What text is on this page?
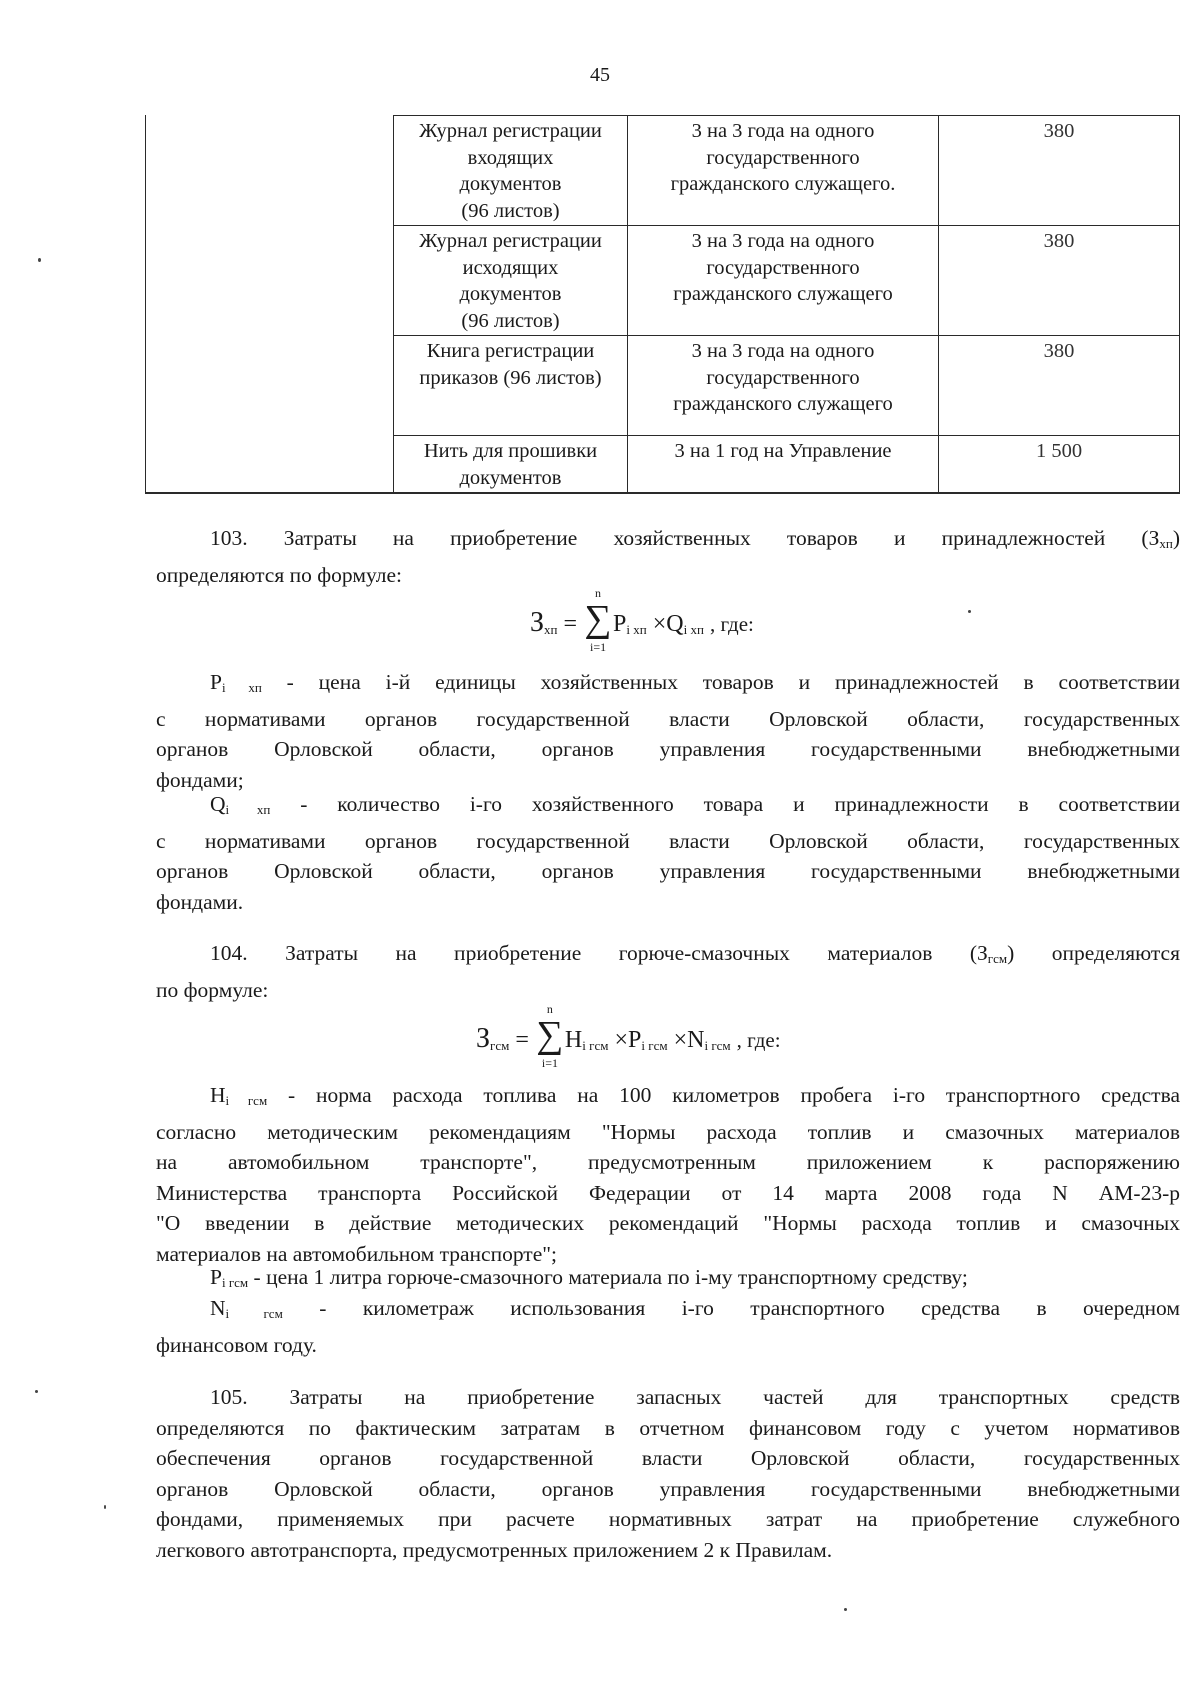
45
Журнал регистрации
входящих
документов
(96 листов)
3 на 3 года на одного
государственного
гражданского служащего.
380
Журнал регистрации
исходящих
документов
(96 листов)
3 на 3 года на одного
государственного
гражданского служащего
380
Книга регистрации
приказов (96 листов)
3 на 3 года на одного
государственного
гражданского служащего
380
Нить для прошивки
документов
3 на 1 год на Управление	1 500
103. Затраты на приобретение хозяйственных товаров и принадлежностей $(З_{хп})$
определяются по формуле:
$З_{хп}$ =
n
∑
i=1
$P_{i хп} \times Q_{i хп}$ , где:
$P_{i хп}$ - цена i-й единицы хозяйственных товаров и принадлежностей в соответствии
с нормативами органов государственной власти Орловской области, государственных
органов Орловской области, органов управления государственными внебюджетными
фондами;
$Q_{i хп}$ - количество i-го хозяйственного товара и принадлежности в соответствии
с нормативами органов государственной власти Орловской области, государственных
органов Орловской области, органов управления государственными внебюджетными
фондами.
104. Затраты на приобретение горюче-смазочных материалов $(З_{гсм})$ определяются
по формуле:
$З_{гсм}$ =
n
∑
i=1
$H_{i гсм} \times P_{i гсм} \times N_{i гсм}$ , где:
$H_{i гсм}$ - норма расхода топлива на 100 километров пробега i-го транспортного средства
согласно методическим рекомендациям "Нормы расхода топлив и смазочных материалов
на автомобильном транспорте", предусмотренным приложением к распоряжению
Министерства транспорта Российской Федерации от 14 марта 2008 года N АМ-23-р
"О введении в действие методических рекомендаций "Нормы расхода топлив и смазочных
материалов на автомобильном транспорте";
$P_{i гсм}$ - цена 1 литра горюче-смазочного материала по i-му транспортному средству;
$N_{i гсм}$ - километраж использования i-го транспортного средства в очередном
финансовом году.
105. Затраты на приобретение запасных частей для транспортных средств
определяются по фактическим затратам в отчетном финансовом году с учетом нормативов
обеспечения органов государственной власти Орловской области, государственных
органов Орловской области, органов управления государственными внебюджетными
фондами, применяемых при расчете нормативных затрат на приобретение служебного
легкового автотранспорта, предусмотренных приложением 2 к Правилам.
